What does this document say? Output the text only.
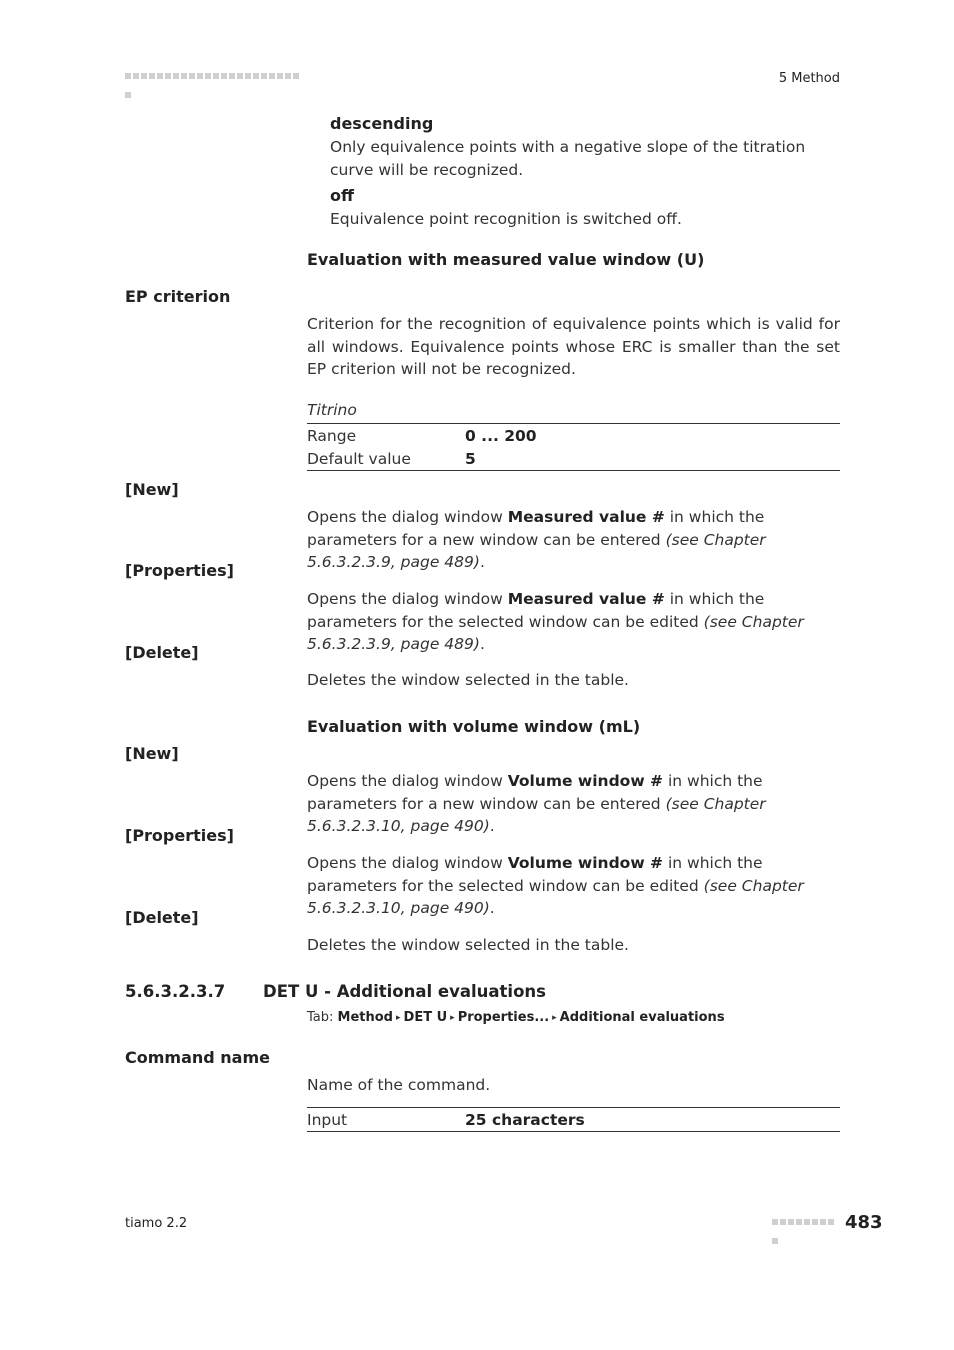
5 Method
descending
Only equivalence points with a negative slope of the titration curve will be recognized.
off
Equivalence point recognition is switched off.
Evaluation with measured value window (U)
EP criterion
Criterion for the recognition of equivalence points which is valid for all windows. Equivalence points whose ERC is smaller than the set EP criterion will not be recognized.
Titrino
Range	0 ... 200
Default value	5
[New]
Opens the dialog window Measured value # in which the parameters for a new window can be entered (see Chapter 5.6.3.2.3.9, page 489).
[Properties]
Opens the dialog window Measured value # in which the parameters for the selected window can be edited (see Chapter 5.6.3.2.3.9, page 489).
[Delete]
Deletes the window selected in the table.
Evaluation with volume window (mL)
[New]
Opens the dialog window Volume window # in which the parameters for a new window can be entered (see Chapter 5.6.3.2.3.10, page 490).
[Properties]
Opens the dialog window Volume window # in which the parameters for the selected window can be edited (see Chapter 5.6.3.2.3.10, page 490).
[Delete]
Deletes the window selected in the table.
5.6.3.2.3.7 DET U - Additional evaluations
Tab: Method ▸ DET U ▸ Properties... ▸ Additional evaluations
Command name
Name of the command.
Input	25 characters
tiamo 2.2	483
